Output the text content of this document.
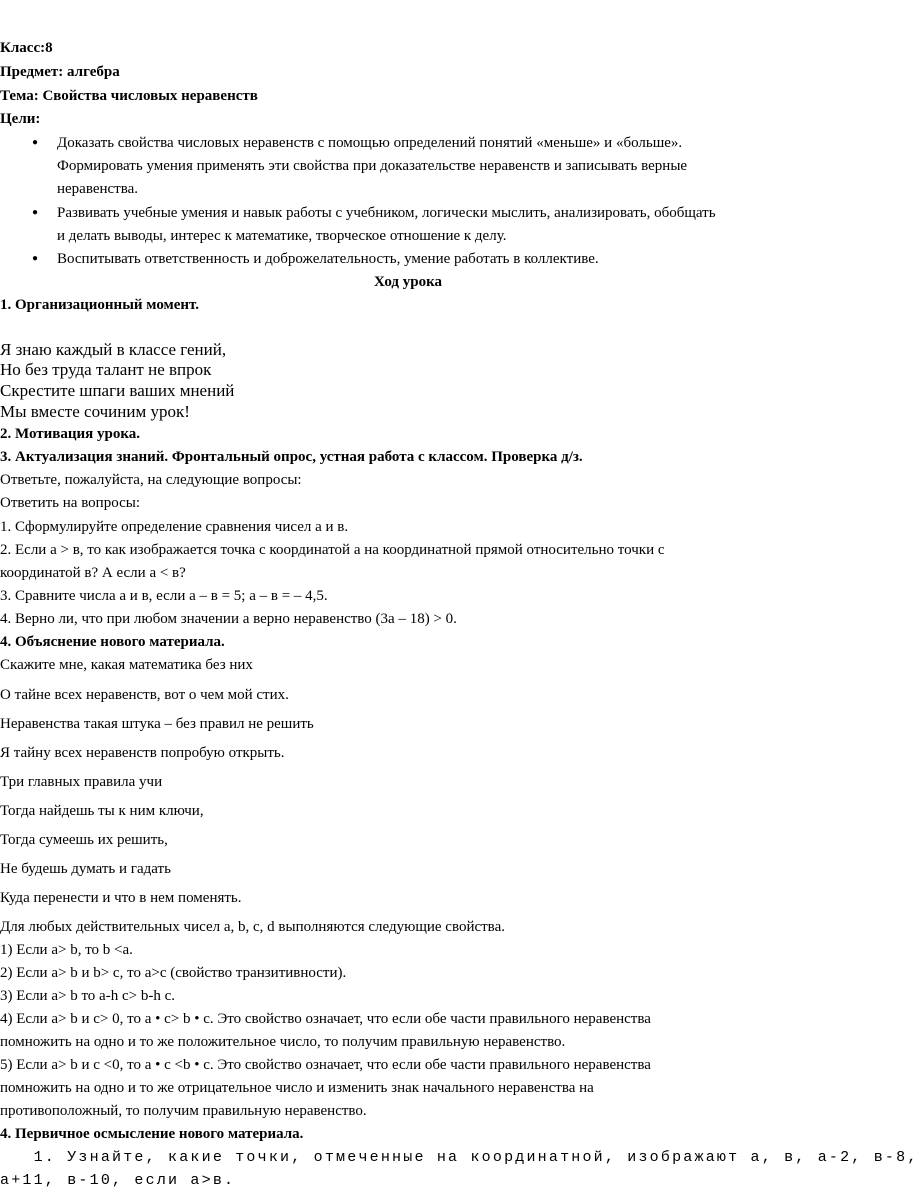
Класс:8
Предмет: алгебра
Тема: Свойства числовых неравенств
Цели:
● Доказать свойства числовых неравенств с помощью определений понятий «меньше» и «больше».
Формировать умения применять эти свойства при доказательстве неравенств и записывать верные
неравенства.
● Развивать учебные умения и навык работы с учебником, логически мыслить, анализировать, обобщать
и делать выводы, интерес к математике, творческое отношение к делу.
● Воспитывать ответственность и доброжелательность, умение работать в коллективе.
Ход урока
1. Организационный момент.
Я знаю каждый в классе гений,
Но без труда талант не впрок
Скрестите шпаги ваших мнений
Мы вместе сочиним урок!
2. Мотивация урока.
3. Актуализация знаний. Фронтальный опрос, устная работа с классом. Проверка д/з.
Ответьте, пожалуйста, на следующие вопросы:
Ответить на вопросы:
1. Сформулируйте определение сравнения чисел а и в.
2. Если а > в, то как изображается точка с координатой а на координатной прямой относительно точки с
координатой в? А если а < в?
3. Сравните числа а и в, если а – в = 5; а – в = – 4,5.
4. Верно ли, что при любом значении а верно неравенство (3а – 18) > 0.
4. Объяснение нового материала.
Скажите мне, какая математика без них
О тайне всех неравенств, вот о чем мой стих.
Неравенства такая штука – без правил не решить
Я тайну всех неравенств попробую открыть.
Три главных правила учи
Тогда найдешь ты к ним ключи,
Тогда сумеешь их решить,
Не будешь думать и гадать
Куда перенести и что в нем поменять.
Для любых действительных чисел a, b, c, d выполняются следующие свойства.
1) Если a> b, то b <a.
2) Если a> b и b> c, то a>c (свойство транзитивности).
3) Если a> b то a-h c> b-h c.
4) Если a> b и c> 0, то a • c> b • c. Это свойство означает, что если обе части правильного неравенства
помножить на одно и то же положительное число, то получим правильную неравенство.
5) Если a> b и c <0, то a • c <b • c. Это свойство означает, что если обе части правильного неравенства
помножить на одно и то же отрицательное число и изменить знак начального неравенства на
противоположный, то получим правильную неравенство.
4. Первичное осмысление нового материала.
1. Узнайте, какие точки, отмеченные на координатной, изображают а, в, а-2, в-8,
а+11, в-10, если а>в.
